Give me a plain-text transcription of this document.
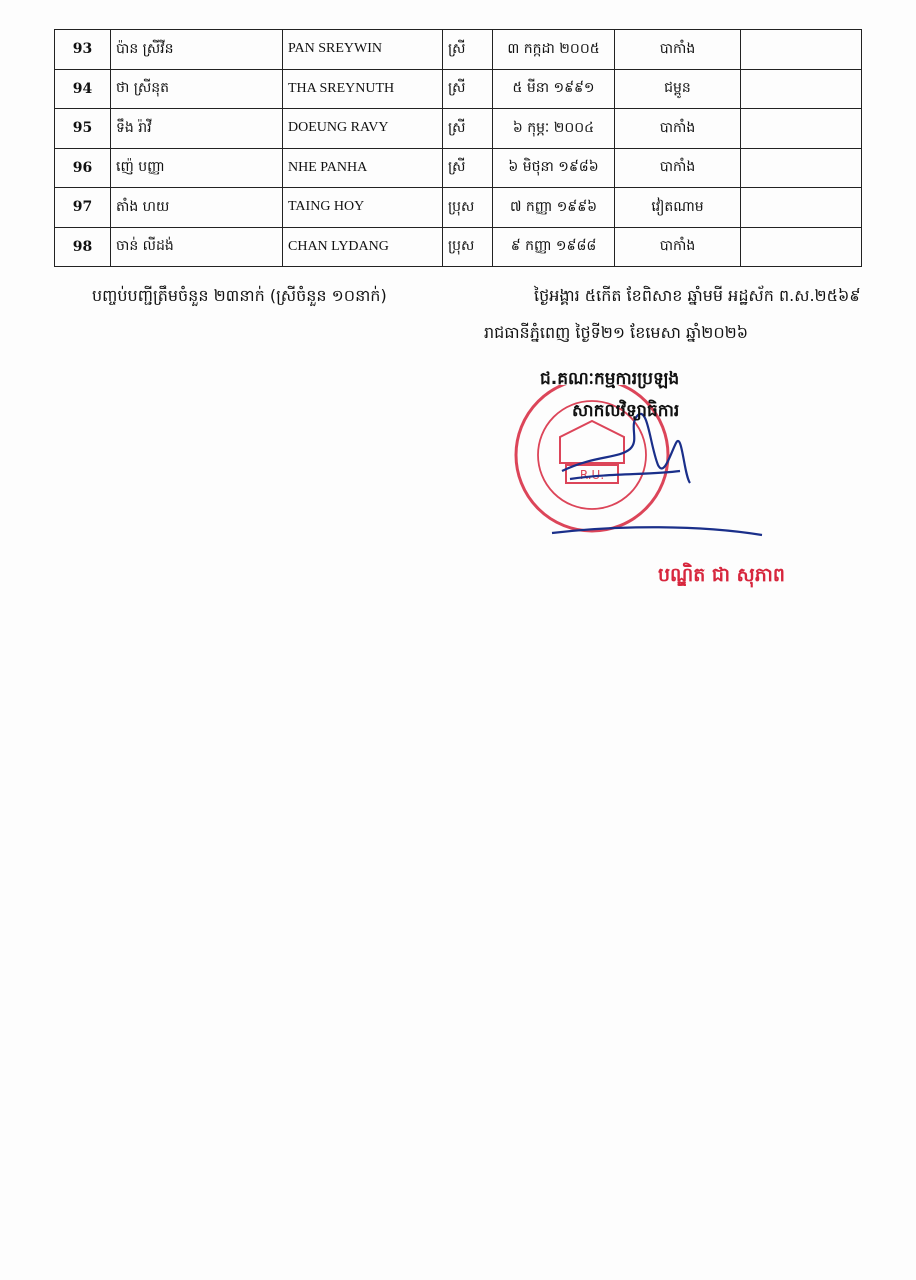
93	ប៉ាន ស្រីវីន	PAN SREYWIN	ស្រី	៣ កក្កដា ២០០៥	បាកាំង	
94	ថា ស្រីនុត	THA SREYNUTH	ស្រី	៥ មីនា ១៩៩១	ជម្ពូន	
95	ទឹង រ៉ាវី	DOEUNG RAVY	ស្រី	៦ កុម្ភៈ ២០០៤	បាកាំង	
96	ញ៉េ បញ្ញា	NHE PANHA	ស្រី	៦ មិថុនា ១៩៨៦	បាកាំង	
97	តាំង ហយ	TAING HOY	ប្រុស	៧ កញ្ញា ១៩៩៦	វៀតណាម	
98	ចាន់ លីដង់	CHAN LYDANG	ប្រុស	៩ កញ្ញា ១៩៨៨	បាកាំង	
បញ្ចប់បញ្ជីត្រឹមចំនួន ២៣នាក់ (ស្រីចំនួន ១០នាក់)	ថ្ងៃអង្គារ ៥កើត ខែពិសាខ ឆ្នាំមមី អដ្ឋស័ក ព.ស.២៥៦៩
រាជធានីភ្នំពេញ ថ្ងៃទី២១ ខែមេសា ឆ្នាំ២០២៦
ជ.គណៈកម្មការប្រឡង
R.U.
សាកលវិទ្យាធិការ
បណ្ឌិត ជា សុភាព
